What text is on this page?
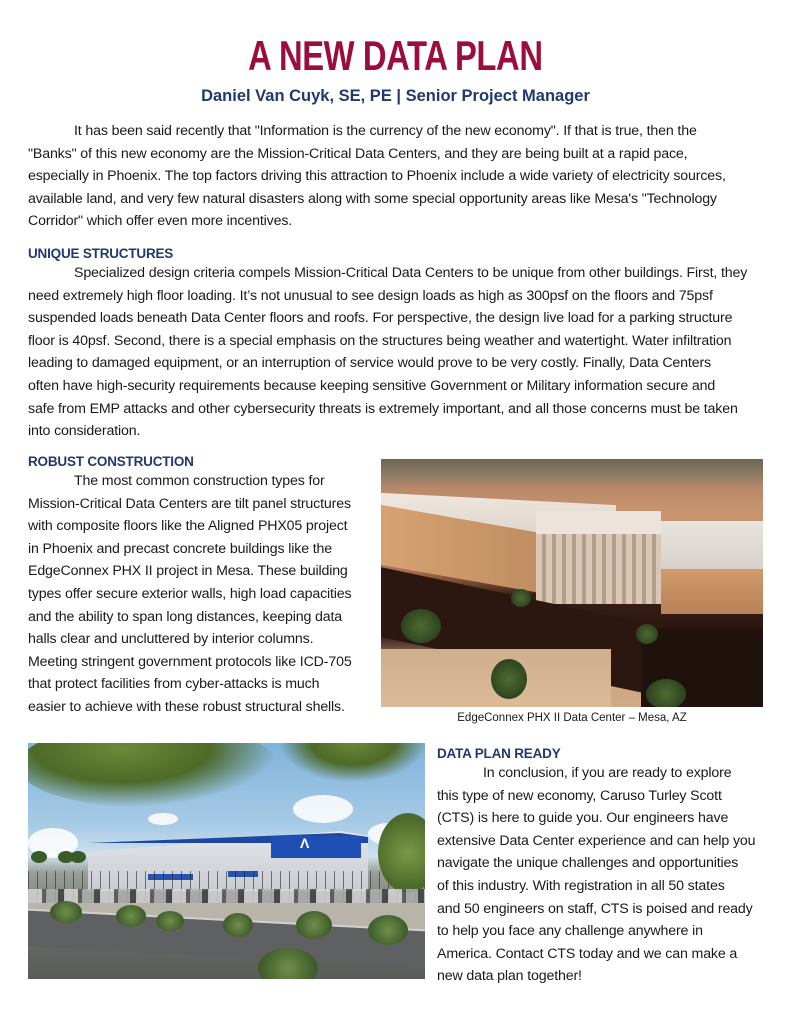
A NEW DATA PLAN
Daniel Van Cuyk, SE, PE | Senior Project Manager
It has been said recently that "Information is the currency of the new economy". If that is true, then the
"Banks" of this new economy are the Mission-Critical Data Centers, and they are being built at a rapid pace,
especially in Phoenix. The top factors driving this attraction to Phoenix include a wide variety of electricity sources,
available land, and very few natural disasters along with some special opportunity areas like Mesa's "Technology
Corridor" which offer even more incentives.
UNIQUE STRUCTURES
Specialized design criteria compels Mission-Critical Data Centers to be unique from other buildings. First, they
need extremely high floor loading. It’s not unusual to see design loads as high as 300psf on the floors and 75psf
suspended loads beneath Data Center floors and roofs. For perspective, the design live load for a parking structure
floor is 40psf. Second, there is a special emphasis on the structures being weather and watertight. Water infiltration
leading to damaged equipment, or an interruption of service would prove to be very costly. Finally, Data Centers
often have high-security requirements because keeping sensitive Government or Military information secure and
safe from EMP attacks and other cybersecurity threats is extremely important, and all those concerns must be taken
into consideration.
ROBUST CONSTRUCTION
The most common construction types for
Mission-Critical Data Centers are tilt panel structures
with composite floors like the Aligned PHX05 project
in Phoenix and precast concrete buildings like the
EdgeConnex PHX II project in Mesa. These building
types offer secure exterior walls, high load capacities
and the ability to span long distances, keeping data
halls clear and uncluttered by interior columns.
Meeting stringent government protocols like ICD-705
that protect facilities from cyber-attacks is much
easier to achieve with these robust structural shells.
EdgeConnex PHX II Data Center – Mesa, AZ
Λ
DATA PLAN READY
In conclusion, if you are ready to explore
this type of new economy, Caruso Turley Scott
(CTS) is here to guide you. Our engineers have
extensive Data Center experience and can help you
navigate the unique challenges and opportunities
of this industry. With registration in all 50 states
and 50 engineers on staff, CTS is poised and ready
to help you face any challenge anywhere in
America. Contact CTS today and we can make a
new data plan together!
